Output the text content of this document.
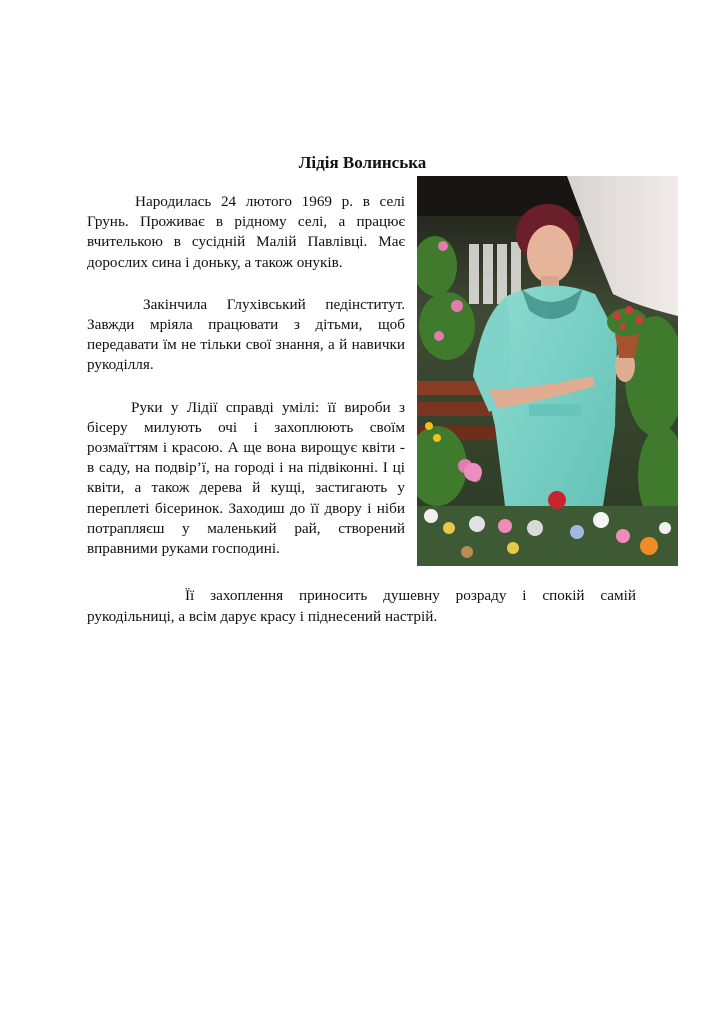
Лідія Волинська

Народилась 24 лютого 1969 р. в селі Грунь. Проживає в рідному селі, а працює вчителькою в сусідній Малій Павлівці. Має дорослих сина і доньку, а також онуків.

Закінчила Глухівський педінститут. Завжди мріяла працювати з дітьми, щоб передавати їм не тільки свої знання, а й навички рукоділля.

Руки у Лідії справді умілі: її вироби з бісеру милують очі і захоплюють своїм розмаїттям і красою. А ще вона вирощує квіти - в саду, на подвір’ї, на городі і на підвіконні. І ці квіти, а також дерева й кущі, застигають у переплеті бісеринок. Заходиш до її двору і ніби потрапляєш у маленький рай, створений вправними руками господині.

Її захоплення приносить душевну розраду і спокій самій рукодільниці, а всім дарує красу і піднесений настрій.
